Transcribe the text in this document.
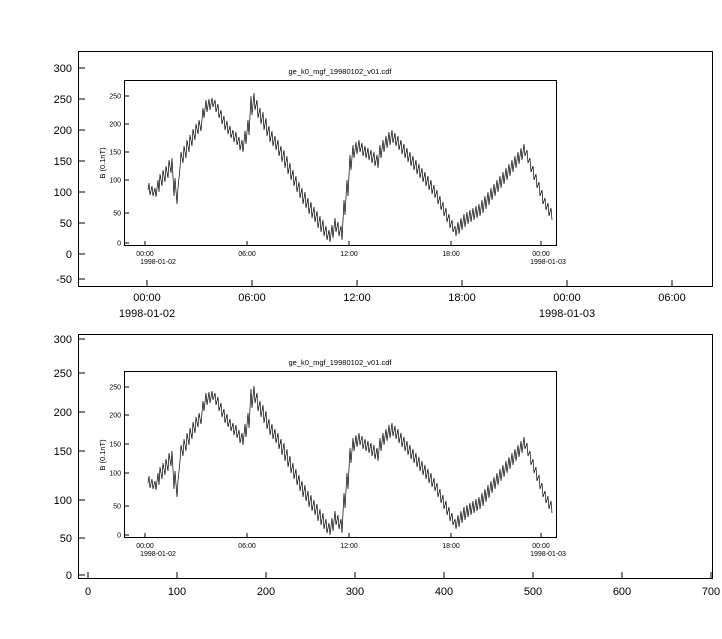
300
250
200
150
100
50
0
-50
00:00	06:00	12:00	18:00	00:00	06:00
1998-01-02	1998-01-03
ge_k0_mgf_19980102_v01.cdf
B (0.1nT)
250
200
150
100
50
0
00:00	06:00	12:00	18:00	00:00
1998-01-02	1998-01-03
300
250
200
150
100
50
0
0	100	200	300	400	500	600	700
ge_k0_mgf_19980102_v01.cdf
B (0.1nT)
250
200
150
100
50
0
00:00	06:00	12:00	18:00	00:00
1998-01-02	1998-01-03
